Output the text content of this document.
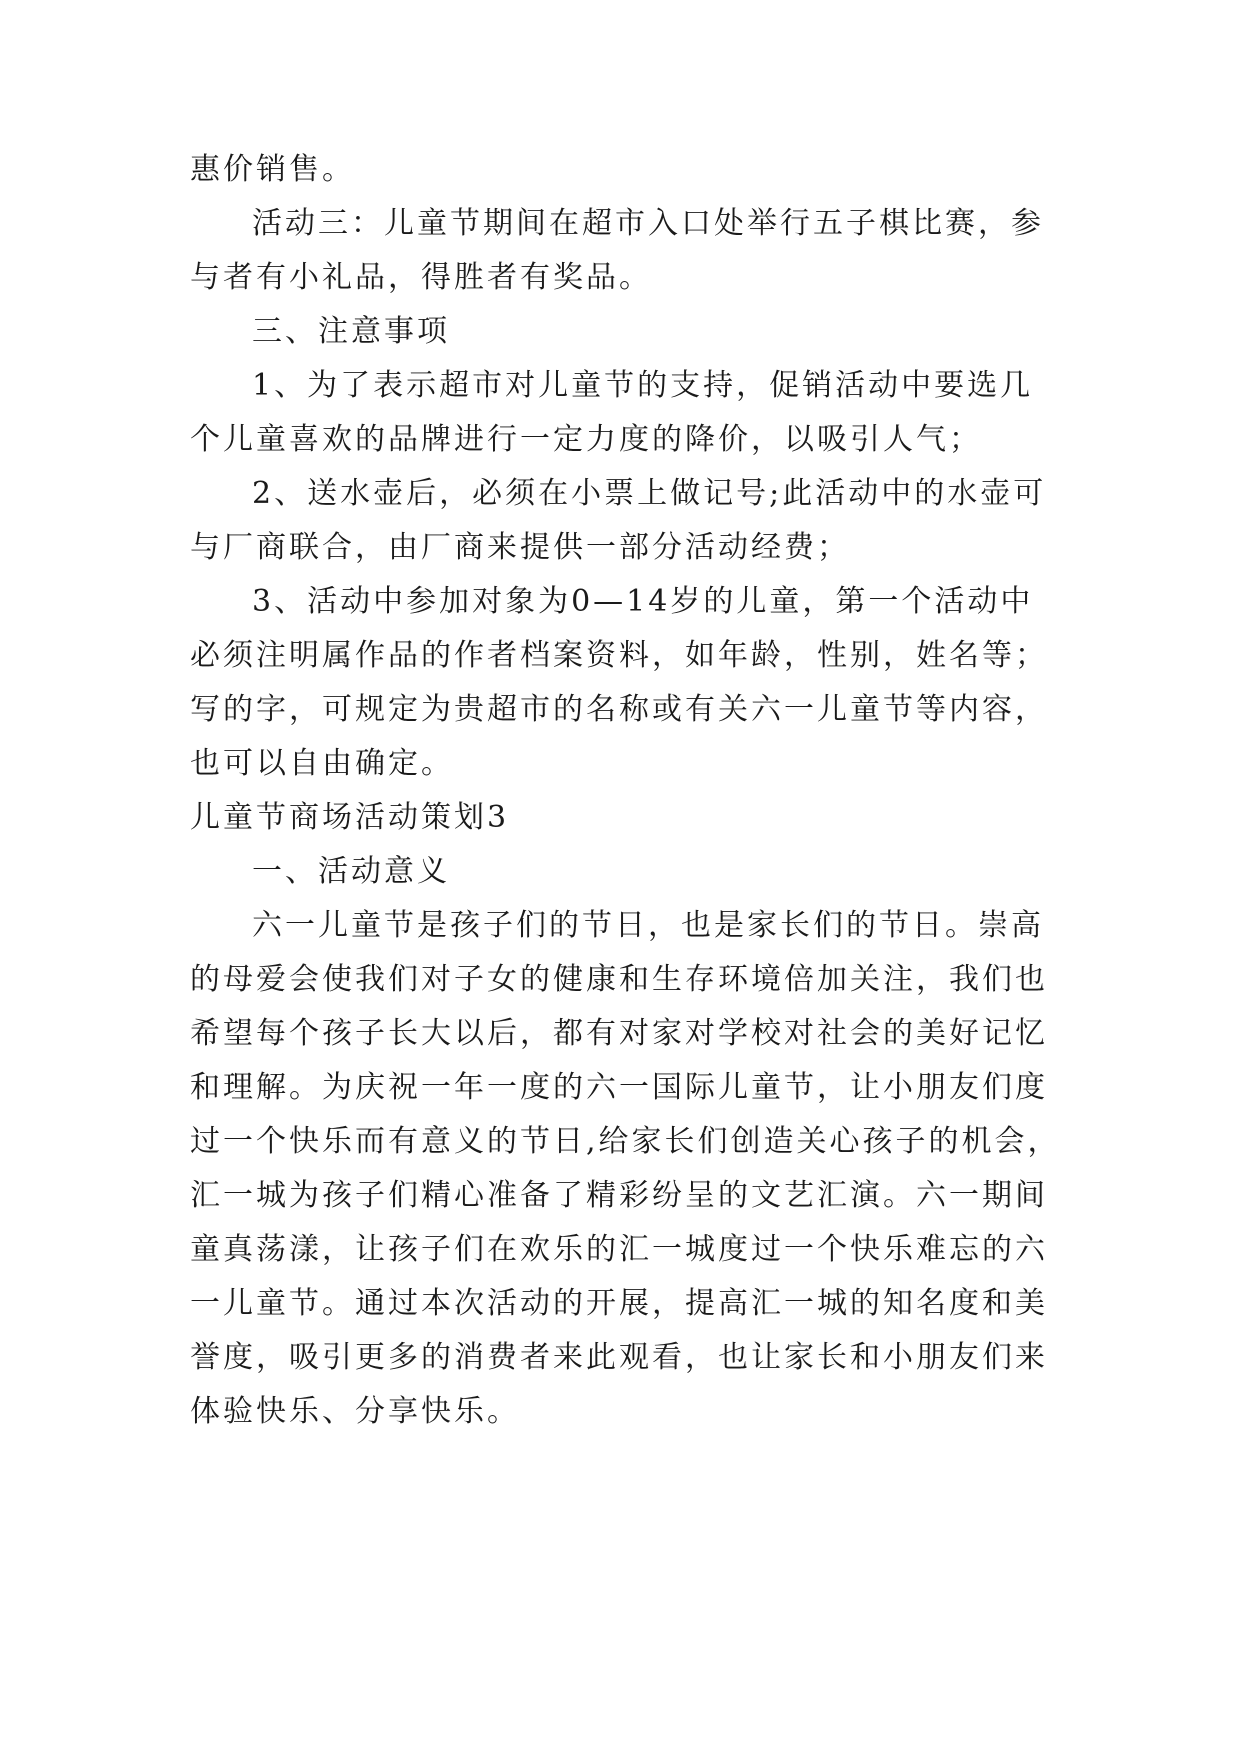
惠价销售。
活动三：儿童节期间在超市入口处举行五子棋比赛，参
与者有小礼品，得胜者有奖品。
三、注意事项
1、为了表示超市对儿童节的支持，促销活动中要选几
个儿童喜欢的品牌进行一定力度的降价，以吸引人气；
2、送水壶后，必须在小票上做记号;此活动中的水壶可
与厂商联合，由厂商来提供一部分活动经费；
3、活动中参加对象为0—14岁的儿童，第一个活动中
必须注明属作品的作者档案资料，如年龄，性别，姓名等；
写的字，可规定为贵超市的名称或有关六一儿童节等内容，
也可以自由确定。
儿童节商场活动策划3
一、活动意义
六一儿童节是孩子们的节日，也是家长们的节日。崇高
的母爱会使我们对子女的健康和生存环境倍加关注，我们也
希望每个孩子长大以后，都有对家对学校对社会的美好记忆
和理解。为庆祝一年一度的六一国际儿童节，让小朋友们度
过一个快乐而有意义的节日,给家长们创造关心孩子的机会，
汇一城为孩子们精心准备了精彩纷呈的文艺汇演。六一期间
童真荡漾，让孩子们在欢乐的汇一城度过一个快乐难忘的六
一儿童节。通过本次活动的开展，提高汇一城的知名度和美
誉度，吸引更多的消费者来此观看，也让家长和小朋友们来
体验快乐、分享快乐。
